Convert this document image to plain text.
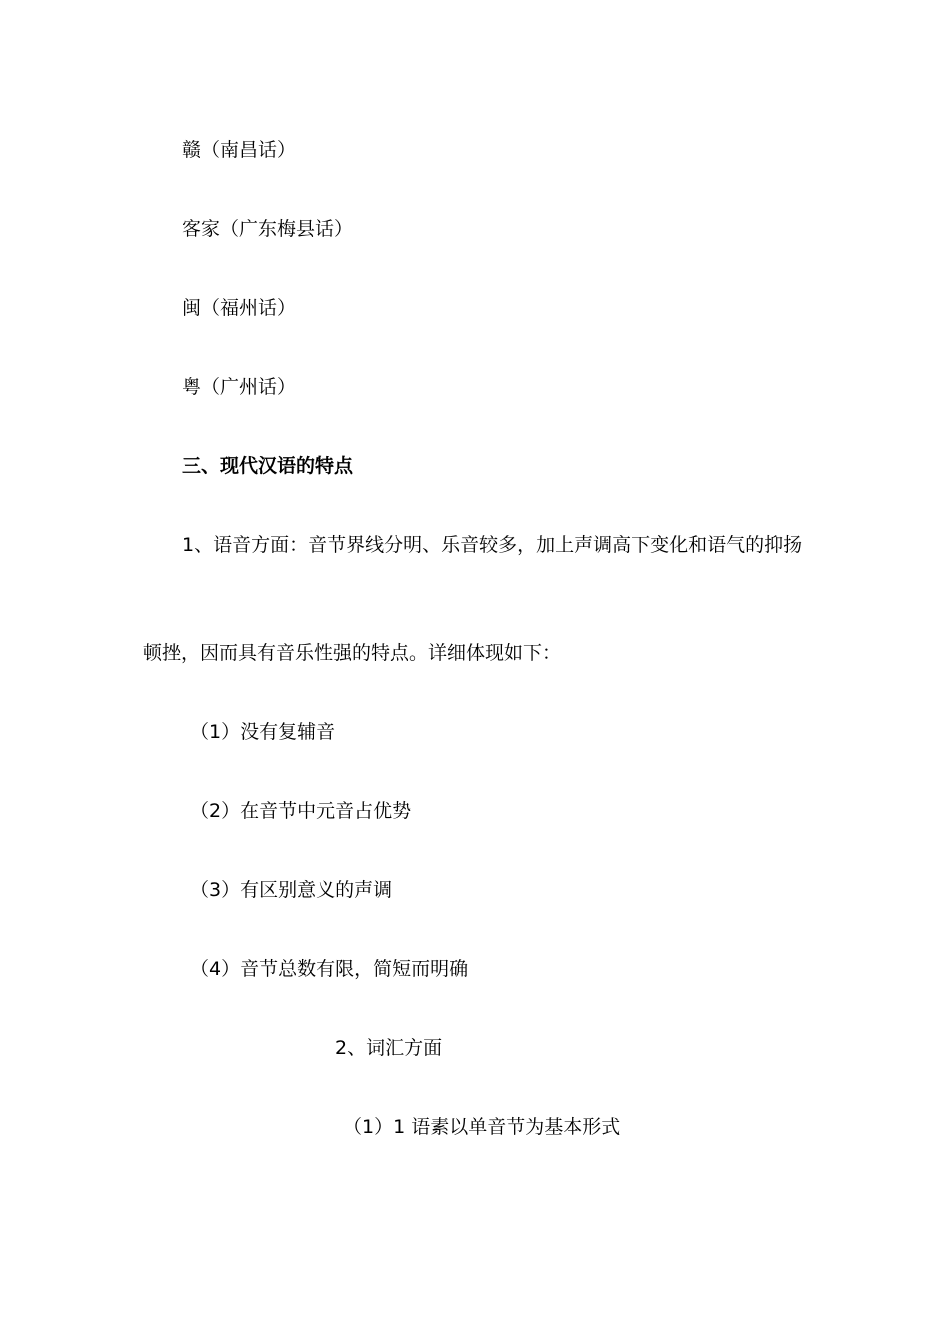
赣（南昌话）
客家（广东梅县话）
闽（福州话）
粤（广州话）
三、现代汉语的特点
1、语音方面：音节界线分明、乐音较多，加上声调高下变化和语气的抑扬
顿挫，因而具有音乐性强的特点。详细体现如下：
（1）没有复辅音
（2）在音节中元音占优势
（3）有区别意义的声调
（4）音节总数有限，简短而明确
2、词汇方面
（1）1 语素以单音节为基本形式
